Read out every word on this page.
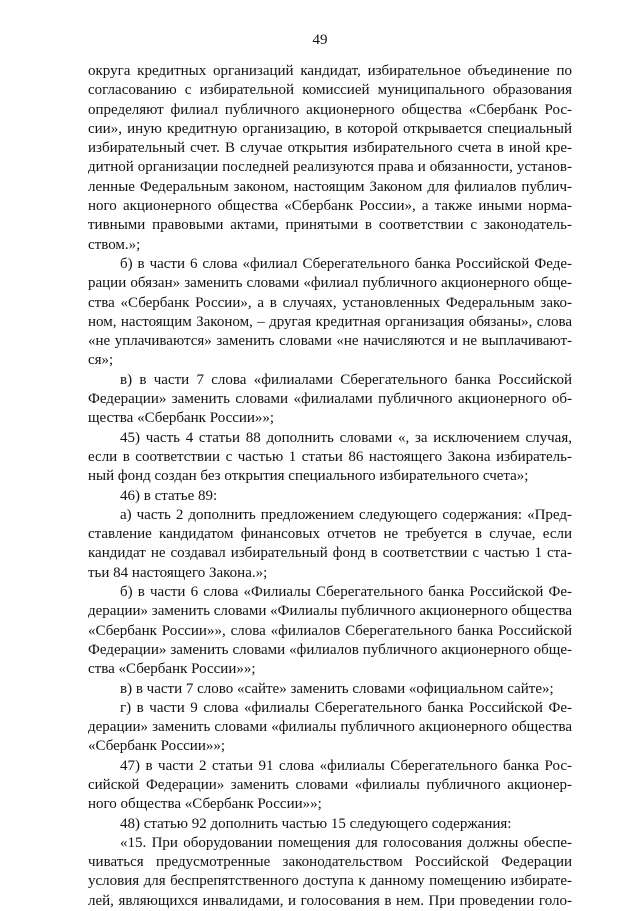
49
округа кредитных организаций кандидат, избирательное объединение по
согласованию с избирательной комиссией муниципального образования
определяют филиал публичного акционерного общества «Сбербанк Рос-
сии», иную кредитную организацию, в которой открывается специальный
избирательный счет. В случае открытия избирательного счета в иной кре-
дитной организации последней реализуются права и обязанности, установ-
ленные Федеральным законом, настоящим Законом для филиалов публич-
ного акционерного общества «Сбербанк России», а также иными норма-
тивными правовыми актами, принятыми в соответствии с законодатель-
ством.»;
б) в части 6 слова «филиал Сберегательного банка Российской Феде-
рации обязан» заменить словами «филиал публичного акционерного обще-
ства «Сбербанк России», а в случаях, установленных Федеральным зако-
ном, настоящим Законом, – другая кредитная организация обязаны», слова
«не уплачиваются» заменить словами «не начисляются и не выплачивают-
ся»;
в) в части 7 слова «филиалами Сберегательного банка Российской
Федерации» заменить словами «филиалами публичного акционерного об-
щества «Сбербанк России»»;
45) часть 4 статьи 88 дополнить словами «, за исключением случая,
если в соответствии с частью 1 статьи 86 настоящего Закона избиратель-
ный фонд создан без открытия специального избирательного счета»;
46) в статье 89:
а) часть 2 дополнить предложением следующего содержания: «Пред-
ставление кандидатом финансовых отчетов не требуется в случае, если
кандидат не создавал избирательный фонд в соответствии с частью 1 ста-
тьи 84 настоящего Закона.»;
б) в части 6 слова «Филиалы Сберегательного банка Российской Фе-
дерации» заменить словами «Филиалы публичного акционерного общества
«Сбербанк России»», слова «филиалов Сберегательного банка Российской
Федерации» заменить словами «филиалов публичного акционерного обще-
ства «Сбербанк России»»;
в) в части 7 слово «сайте» заменить словами «официальном сайте»;
г) в части 9 слова «филиалы Сберегательного банка Российской Фе-
дерации» заменить словами «филиалы публичного акционерного общества
«Сбербанк России»»;
47) в части 2 статьи 91 слова «филиалы Сберегательного банка Рос-
сийской Федерации» заменить словами «филиалы публичного акционер-
ного общества «Сбербанк России»»;
48) статью 92 дополнить частью 15 следующего содержания:
«15. При оборудовании помещения для голосования должны обеспе-
чиваться предусмотренные законодательством Российской Федерации
условия для беспрепятственного доступа к данному помещению избирате-
лей, являющихся инвалидами, и голосования в нем. При проведении голо-
